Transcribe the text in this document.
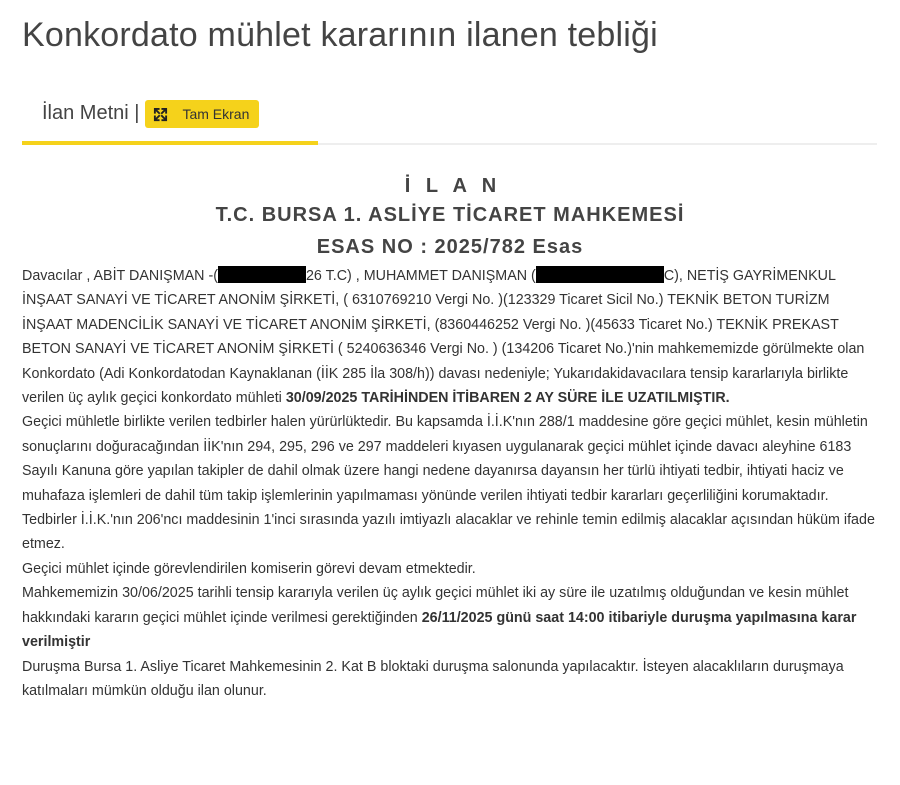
Konkordato mühlet kararının ilanen tebliği
İlan Metni |	Tam Ekran
İ L A N
T.C. BURSA 1. ASLİYE TİCARET MAHKEMESİ
ESAS NO : 2025/782 Esas

Davacılar , ABİT DANIŞMAN -(	26 T.C) , MUHAMMET DANIŞMAN (	C), NETİŞ GAYRİMENKUL İNŞAAT SANAYİ VE TİCARET ANONİM ŞİRKETİ, ( 6310769210 Vergi No. )(123329 Ticaret Sicil No.) TEKNİK BETON TURİZM İNŞAAT MADENCİLİK SANAYİ VE TİCARET ANONİM ŞİRKETİ, (8360446252 Vergi No. )(45633 Ticaret No.) TEKNİK PREKAST BETON SANAYİ VE TİCARET ANONİM ŞİRKETİ ( 5240636346 Vergi No. ) (134206 Ticaret No.)'nin mahkememizde görülmekte olan Konkordato (Adi Konkordatodan Kaynaklanan (İİK 285 İla 308/h)) davası nedeniyle; Yukarıdakidavacılara tensip kararlarıyla birlikte verilen üç aylık geçici konkordato mühleti 30/09/2025 TARİHİNDEN İTİBAREN 2 AY SÜRE İLE UZATILMIŞTIR.

Geçici mühletle birlikte verilen tedbirler halen yürürlüktedir. Bu kapsamda İ.İ.K'nın 288/1 maddesine göre geçici mühlet, kesin mühletin sonuçlarını doğuracağından İİK'nın 294, 295, 296 ve 297 maddeleri kıyasen uygulanarak geçici mühlet içinde davacı aleyhine 6183 Sayılı Kanuna göre yapılan takipler de dahil olmak üzere hangi nedene dayanırsa dayansın her türlü ihtiyati tedbir, ihtiyati haciz ve muhafaza işlemleri de dahil tüm takip işlemlerinin yapılmaması yönünde verilen ihtiyati tedbir kararları geçerliliğini korumaktadır.

Tedbirler İ.İ.K.'nın 206'ncı maddesinin 1'inci sırasında yazılı imtiyazlı alacaklar ve rehinle temin edilmiş alacaklar açısından hüküm ifade etmez.

Geçici mühlet içinde görevlendirilen komiserin görevi devam etmektedir.

Mahkememizin 30/06/2025 tarihli tensip kararıyla verilen üç aylık geçici mühlet iki ay süre ile uzatılmış olduğundan ve kesin mühlet hakkındaki kararın geçici mühlet içinde verilmesi gerektiğinden 26/11/2025 günü saat 14:00 itibariyle duruşma yapılmasına karar verilmiştir

Duruşma Bursa 1. Asliye Ticaret Mahkemesinin 2. Kat B bloktaki duruşma salonunda yapılacaktır. İsteyen alacaklıların duruşmaya katılmaları mümkün olduğu ilan olunur.
